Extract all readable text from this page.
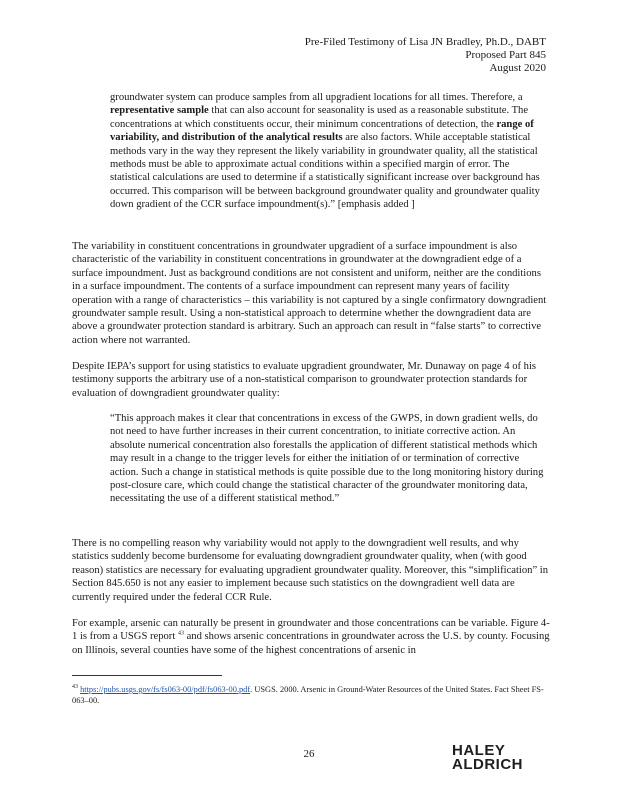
Pre-Filed Testimony of Lisa JN Bradley, Ph.D., DABT
Proposed Part 845
August 2020
groundwater system can produce samples from all upgradient locations for all times. Therefore, a representative sample that can also account for seasonality is used as a reasonable substitute. The concentrations at which constituents occur, their minimum concentrations of detection, the range of variability, and distribution of the analytical results are also factors. While acceptable statistical methods vary in the way they represent the likely variability in groundwater quality, all the statistical methods must be able to approximate actual conditions within a specified margin of error. The statistical calculations are used to determine if a statistically significant increase over background has occurred. This comparison will be between background groundwater quality and groundwater quality down gradient of the CCR surface impoundment(s).” [emphasis added ]
The variability in constituent concentrations in groundwater upgradient of a surface impoundment is also characteristic of the variability in constituent concentrations in groundwater at the downgradient edge of a surface impoundment. Just as background conditions are not consistent and uniform, neither are the conditions in a surface impoundment. The contents of a surface impoundment can represent many years of facility operation with a range of characteristics – this variability is not captured by a single confirmatory downgradient groundwater sample result. Using a non-statistical approach to determine whether the downgradient data are above a groundwater protection standard is arbitrary. Such an approach can result in “false starts” to corrective action where not warranted.
Despite IEPA’s support for using statistics to evaluate upgradient groundwater, Mr. Dunaway on page 4 of his testimony supports the arbitrary use of a non-statistical comparison to groundwater protection standards for evaluation of downgradient groundwater quality:
“This approach makes it clear that concentrations in excess of the GWPS, in down gradient wells, do not need to have further increases in their current concentration, to initiate corrective action. An absolute numerical concentration also forestalls the application of different statistical methods which may result in a change to the trigger levels for either the initiation of or termination of corrective action. Such a change in statistical methods is quite possible due to the long monitoring history during post-closure care, which could change the statistical character of the groundwater monitoring data, necessitating the use of a different statistical method.”
There is no compelling reason why variability would not apply to the downgradient well results, and why statistics suddenly become burdensome for evaluating downgradient groundwater quality, when (with good reason) statistics are necessary for evaluating upgradient groundwater quality. Moreover, this “simplification” in Section 845.650 is not any easier to implement because such statistics on the downgradient well data are currently required under the federal CCR Rule.
For example, arsenic can naturally be present in groundwater and those concentrations can be variable. Figure 4-1 is from a USGS report $^{43}$ and shows arsenic concentrations in groundwater across the U.S. by county. Focusing on Illinois, several counties have some of the highest concentrations of arsenic in
$^{43}$ https://pubs.usgs.gov/fs/fs063-00/pdf/fs063-00.pdf. USGS. 2000. Arsenic in Ground-Water Resources of the United States. Fact Sheet FS-063–00.
26	HALEY
ALDRICH
